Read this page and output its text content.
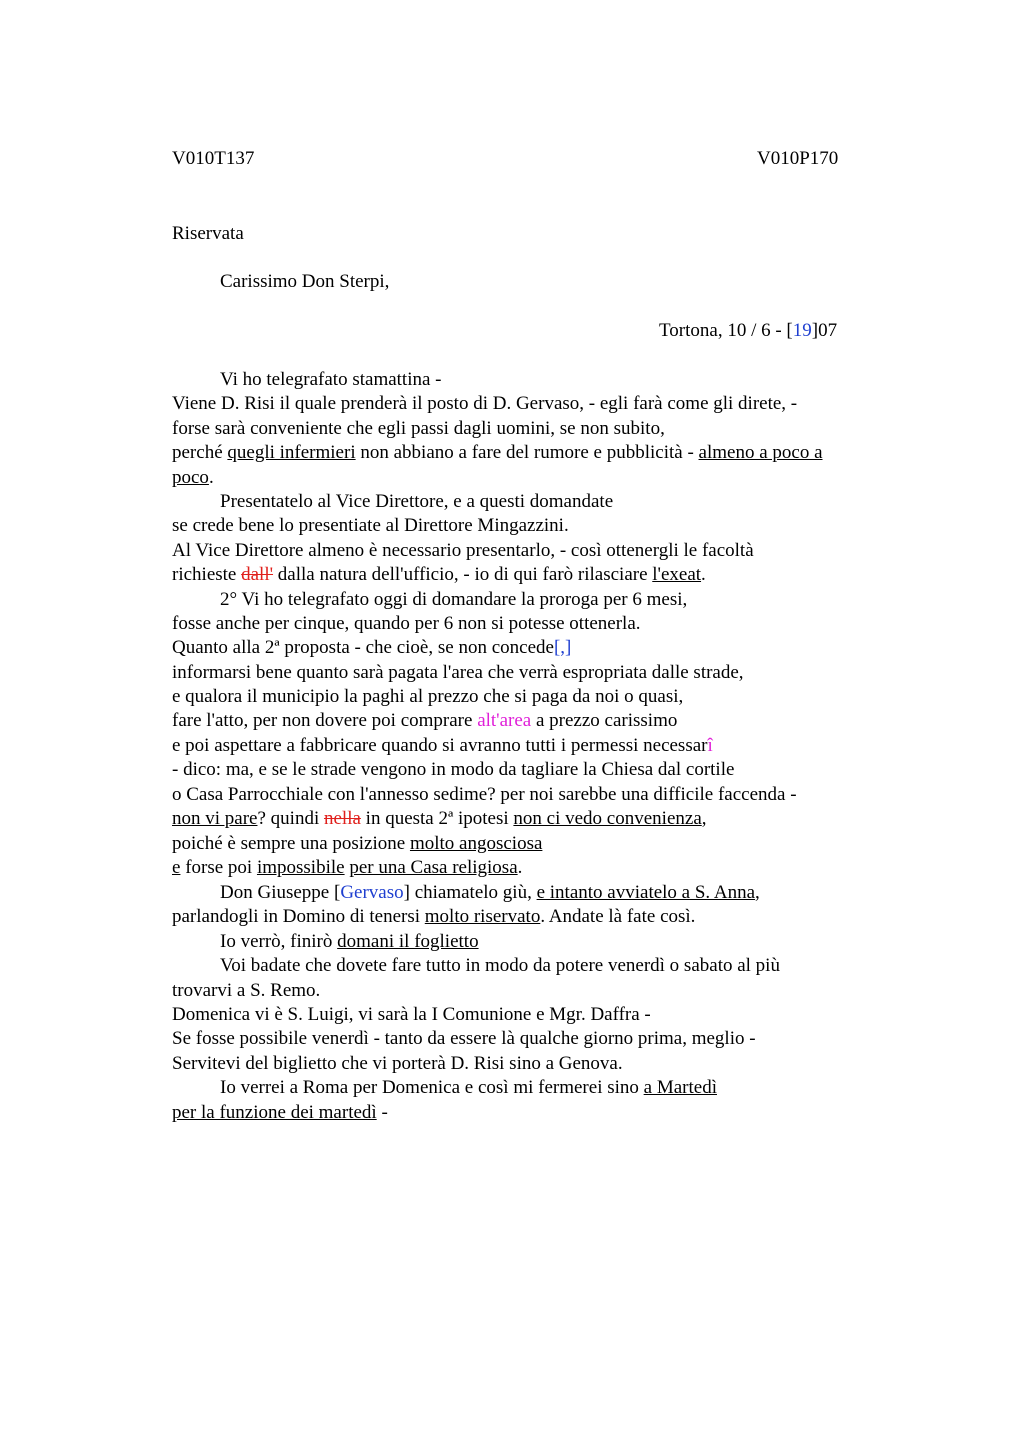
V010T137	V010P170
Riservata
Carissimo Don Sterpi,
Tortona, 10 / 6 - [19]07
Vi ho telegrafato stamattina -
Viene D. Risi il quale prenderà il posto di D. Gervaso, - egli farà come gli direte, -
forse sarà conveniente che egli passi dagli uomini, se non subito,
perché quegli infermieri non abbiano a fare del rumore e pubblicità - almeno a poco a
poco.
Presentatelo al Vice Direttore, e a questi domandate
se crede bene lo presentiate al Direttore Mingazzini.
Al Vice Direttore almeno è necessario presentarlo, - così ottenergli le facoltà
richieste dall' dalla natura dell'ufficio, - io di qui farò rilasciare l'exeat.
2° Vi ho telegrafato oggi di domandare la proroga per 6 mesi,
fosse anche per cinque, quando per 6 non si potesse ottenerla.
Quanto alla 2ª proposta - che cioè, se non concede[,]
informarsi bene quanto sarà pagata l'area che verrà espropriata dalle strade,
e qualora il municipio la paghi al prezzo che si paga da noi o quasi,
fare l'atto, per non dovere poi comprare alt'area a prezzo carissimo
e poi aspettare a fabbricare quando si avranno tutti i permessi necessarî
- dico: ma, e se le strade vengono in modo da tagliare la Chiesa dal cortile
o Casa Parrocchiale con l'annesso sedime? per noi sarebbe una difficile faccenda -
non vi pare? quindi nella in questa 2ª ipotesi non ci vedo convenienza,
poiché è sempre una posizione molto angosciosa
e forse poi impossibile per una Casa religiosa.
Don Giuseppe [Gervaso] chiamatelo giù, e intanto avviatelo a S. Anna,
parlandogli in Domino di tenersi molto riservato. Andate là fate così.
Io verrò, finirò domani il foglietto
Voi badate che dovete fare tutto in modo da potere venerdì o sabato al più
trovarvi a S. Remo.
Domenica vi è S. Luigi, vi sarà la I Comunione e Mgr. Daffra -
Se fosse possibile venerdì - tanto da essere là qualche giorno prima, meglio -
Servitevi del biglietto che vi porterà D. Risi sino a Genova.
Io verrei a Roma per Domenica e così mi fermerei sino a Martedì
per la funzione dei martedì -
